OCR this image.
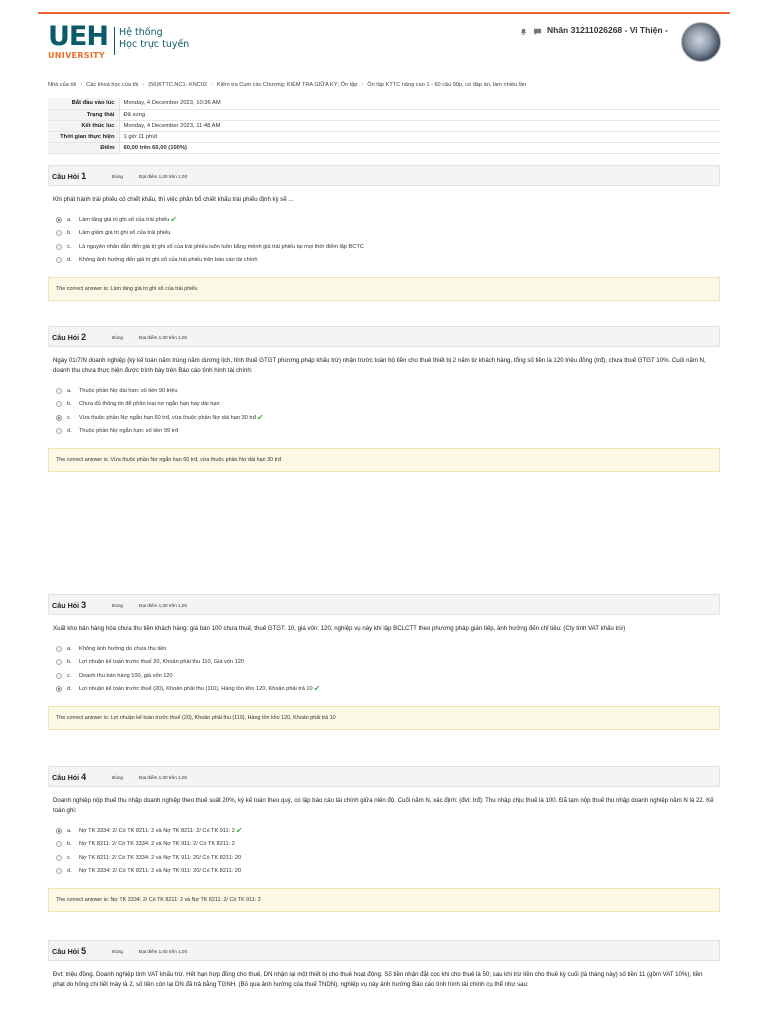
UEH
UNIVERSITY
Hệ thống
Học trực tuyến
Nhân 31211026268 - Vi Thiện -
Nhà của tôi › Các khoá học của tôi › (56)KTTC.NC1- KNC02 › Kiểm tra Cụm các Chương; KIỂM TRA GIỮA KỲ; Ôn tập › Ôn tập KTTC nâng cao 1 - 60 câu 90p, có đáp án, làm nhiều lần
Bắt đầu vào lúc	Monday, 4 December 2023, 10:36 AM
Trạng thái	Đã xong
Kết thúc lúc	Monday, 4 December 2023, 11:48 AM
Thời gian thực hiện	1 giờ 11 phút
Điểm	60,00 trên 60,00 (100%)
Câu Hỏi 1	Đúng	Đạt điểm 1,00 trên 1,00
Khi phát hành trái phiếu có chiết khấu, thì việc phân bổ chiết khấu trái phiếu định kỳ sẽ ...
a.	Làm tăng giá trị ghi sổ của trái phiếu ✔
b.	Làm giảm giá trị ghi sổ của trái phiếu
c.	Là nguyên nhân dẫn đến giá trị ghi sổ của trái phiếu luôn luôn bằng mệnh giá trái phiếu tại mọi thời điểm lập BCTC
d.	Không ảnh hưởng đến giá trị ghi sổ của trái phiếu trên báo cáo tài chính
The correct answer is: Làm tăng giá trị ghi sổ của trái phiếu
Câu Hỏi 2	Đúng	Đạt điểm 1,00 trên 1,00
Ngày 01/7/N doanh nghiệp (kỳ kế toán năm trùng năm dương lịch, tính thuế GTGT phương pháp khấu trừ) nhận trước toàn bộ tiền cho thuê thiết bị 2 năm từ khách hàng, tổng số tiền là 120 triệu đồng (trđ), chưa thuế GTGT 10%. Cuối năm N, doanh thu chưa thực hiện được trình bày trên Báo cáo tình hình tài chính:
a.	Thuộc phần Nợ dài hạn: số tiền 90 triệu
b.	Chưa đủ thông tin để phân loại nợ ngắn hạn hay dài hạn
c.	Vừa thuộc phần Nợ ngắn hạn 60 trđ, vừa thuộc phần Nợ dài hạn 30 trđ ✔
d.	Thuộc phần Nợ ngắn hạn: số tiền 99 trđ
The correct answer is: Vừa thuộc phần Nợ ngắn hạn 60 trđ, vừa thuộc phần Nợ dài hạn 30 trđ
Câu Hỏi 3	Đúng	Đạt điểm 1,00 trên 1,00
Xuất kho bán hàng hóa chưa thu tiền khách hàng: giá bán 100 chưa thuế, thuế GTGT: 10, giá vốn: 120, nghiệp vụ này khi lập BCLCTT theo phương pháp gián tiếp, ảnh hưởng đến chỉ tiêu: (Cty tính VAT khấu trừ)
a.	Không ảnh hưởng do chưa thu tiền
b.	Lợi nhuận kế toán trước thuế 20, Khoản phải thu 110, Giá vốn 120
c.	Doanh thu bán hàng 100, giá vốn 120
d.	Lợi nhuận kế toán trước thuế (20), Khoản phải thu (110), Hàng tồn kho 120, Khoản phải trả 10 ✔
The correct answer is: Lợi nhuận kế toán trước thuế (20), Khoản phải thu (110), Hàng tồn kho 120, Khoản phải trả 10
Câu Hỏi 4	Đúng	Đạt điểm 1,00 trên 1,00
Doanh nghiệp nộp thuế thu nhập doanh nghiệp theo thuế suất 20%, kỳ kế toán theo quý, có lập báo cáo tài chính giữa niên độ. Cuối năm N, xác định: (đvt: trđ): Thu nhập chịu thuế là 100. Đã tạm nộp thuế thu nhập doanh nghiệp năm N là 22. Kế toán ghi:
a.	Nợ TK 3334: 2/ Có TK 8211: 2 và Nợ TK 8211: 2/ Có TK 911: 2 ✔
b.	Nợ TK 8211: 2/ Có TK 3334: 2 và Nợ TK 911: 2/ Có TK 8211: 2
c.	Nợ TK 8211: 2/ Có TK 3334: 2 và Nợ TK 911: 20/ Có TK 8211: 20
d.	Nợ TK 3334: 2/ Có TK 8211: 2 và Nợ TK 911: 20/ Có TK 8211: 20
The correct answer is: Nợ TK 3334: 2/ Có TK 8211: 2 và Nợ TK 8211: 2/ Có TK 911: 2
Câu Hỏi 5	Đúng	Đạt điểm 1,00 trên 1,00
Đvt: triệu đồng. Doanh nghiệp tính VAT khấu trừ. Hết hạn hợp đồng cho thuê, DN nhận lại một thiết bị cho thuê hoạt động. Số tiền nhận đặt cọc khi cho thuê là 50; sau khi trừ tiền cho thuê kỳ cuối (là tháng này) số tiền 11 (gồm VAT 10%), tiền phạt do hỏng chi tiết máy là 2, số tiền còn lại DN đã trả bằng TGNH. (Bỏ qua ảnh hưởng của thuế TNDN), nghiệp vụ này ảnh hưởng Báo cáo tình hình tài chính cụ thể như sau:
